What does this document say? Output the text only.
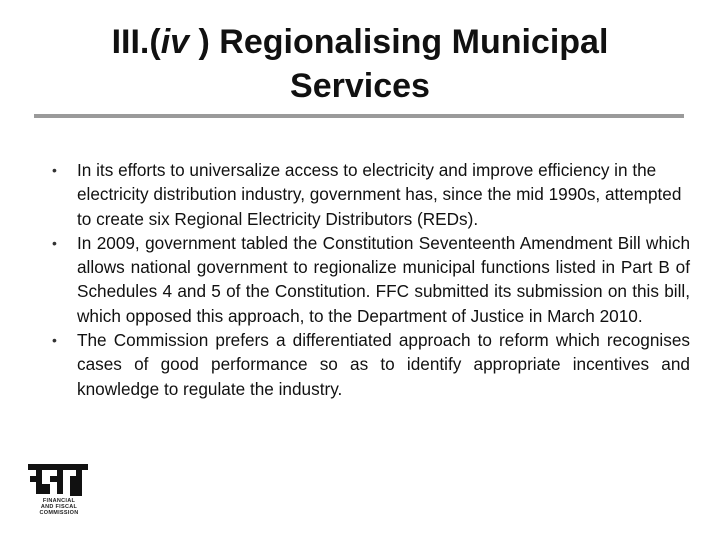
III.(iv ) Regionalising Municipal
Services
• In its efforts to universalize access to electricity and improve efficiency in the electricity distribution industry, government has, since the mid 1990s, attempted to create six Regional Electricity Distributors (REDs).
• In 2009, government tabled the Constitution Seventeenth Amendment Bill which allows national government to regionalize municipal functions listed in Part B of Schedules 4 and 5 of the Constitution. FFC submitted its submission on this bill, which opposed this approach, to the Department of Justice in March 2010.
• The Commission prefers a differentiated approach to reform which recognises cases of good performance so as to identify appropriate incentives and knowledge to regulate the industry.
FINANCIAL
AND FISCAL
COMMISSION
